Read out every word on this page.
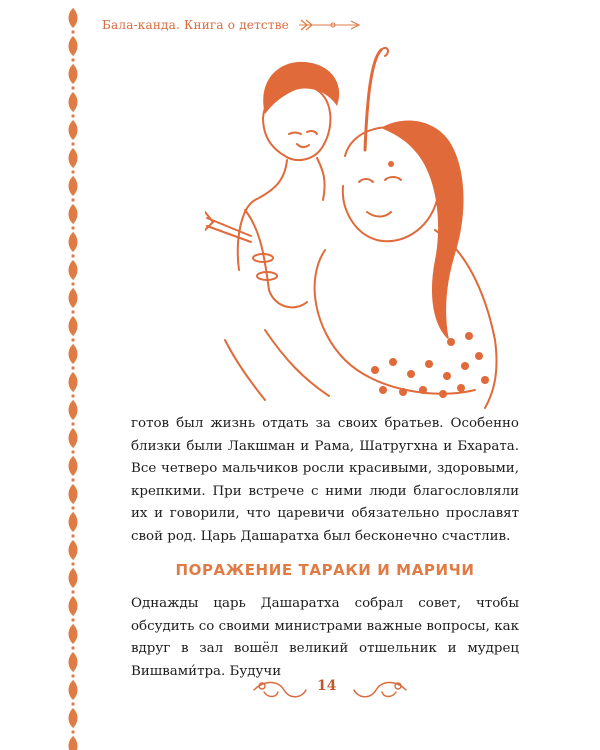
Бала-канда. Книга о детстве

готов был жизнь отдать за своих братьев. Особенно близки были Лакшман и Рама, Шатругхна и Бхарата. Все четверо мальчиков росли красивыми, здоровыми, крепкими. При встрече с ними люди благословляли их и говорили, что царевичи обязательно прославят свой род. Царь Дашаратха был бесконечно счастлив.

ПОРАЖЕНИЕ ТАРАКИ И МАРИЧИ

Однажды царь Дашаратха собрал совет, чтобы обсудить со своими министрами важные вопросы, как вдруг в зал вошёл великий отшельник и мудрец Вишвами́тра. Будучи

14
